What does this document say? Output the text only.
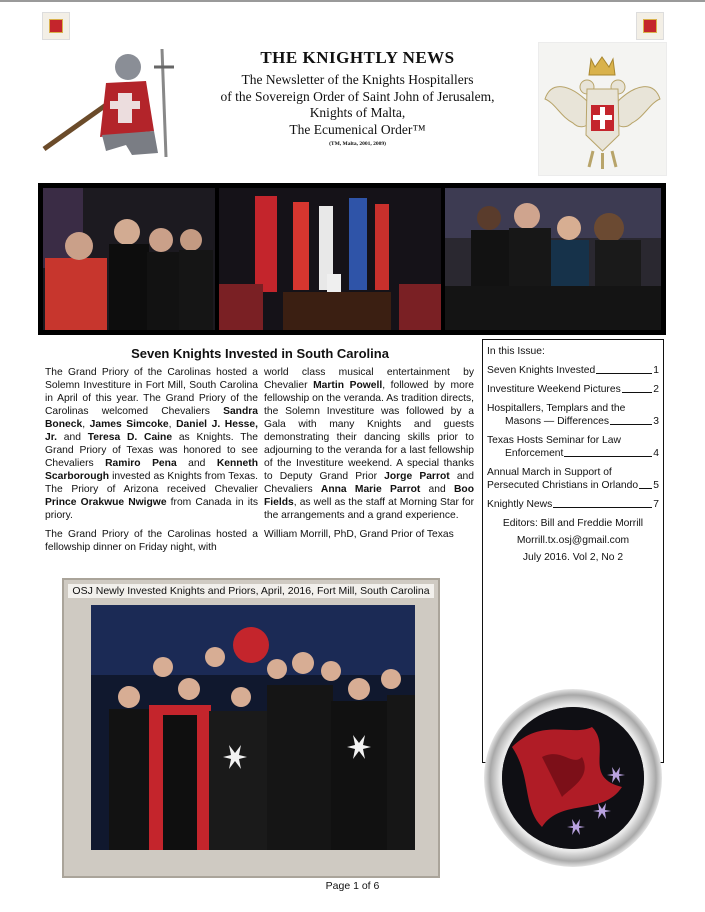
THE KNIGHTLY NEWS
The Newsletter of the Knights Hospitallers
of the Sovereign Order of Saint John of Jerusalem,
Knights of Malta,
The Ecumenical Order™
(TM, Malta, 2001, 2009)
Seven Knights Invested in South Carolina

The Grand Priory of the Carolinas hosted a Solemn Investiture in Fort Mill, South Carolina in April of this year. The Grand Priory of the Carolinas welcomed Chevaliers Sandra Boneck, James Simcoke, Daniel J. Hesse, Jr. and Teresa D. Caine as Knights. The Grand Priory of Texas was honored to see Chevaliers Ramiro Pena and Kenneth Scarborough invested as Knights from Texas. The Priory of Arizona received Chevalier Prince Orakwue Nwigwe from Canada in its priory.

The Grand Priory of the Carolinas hosted a fellowship dinner on Friday night, with

world class musical entertainment by Chevalier Martin Powell, followed by more fellowship on the veranda. As tradition directs, the Solemn Investiture was followed by a Gala with many Knights and guests demonstrating their dancing skills prior to adjourning to the veranda for a last fellowship of the Investiture weekend. A special thanks to Deputy Grand Prior Jorge Parrot and Chevaliers Anna Marie Parrot and Boo Fields, as well as the staff at Morning Star for the arrangements and a grand experience.

William Morrill, PhD, Grand Prior of Texas

In this Issue:
Seven Knights Invested	1
Investiture Weekend Pictures	2
Hospitallers, Templars and the
Masons — Differences	3
Texas Hosts Seminar for Law
Enforcement	4
Annual March in Support of
Persecuted Christians in Orlando 5
Knightly News	7
Editors: Bill and Freddie Morrill
Morrill.tx.osj@gmail.com
July 2016. Vol 2, No 2
OSJ Newly Invested Knights and Priors, April, 2016, Fort Mill, South Carolina
Page 1 of 6
